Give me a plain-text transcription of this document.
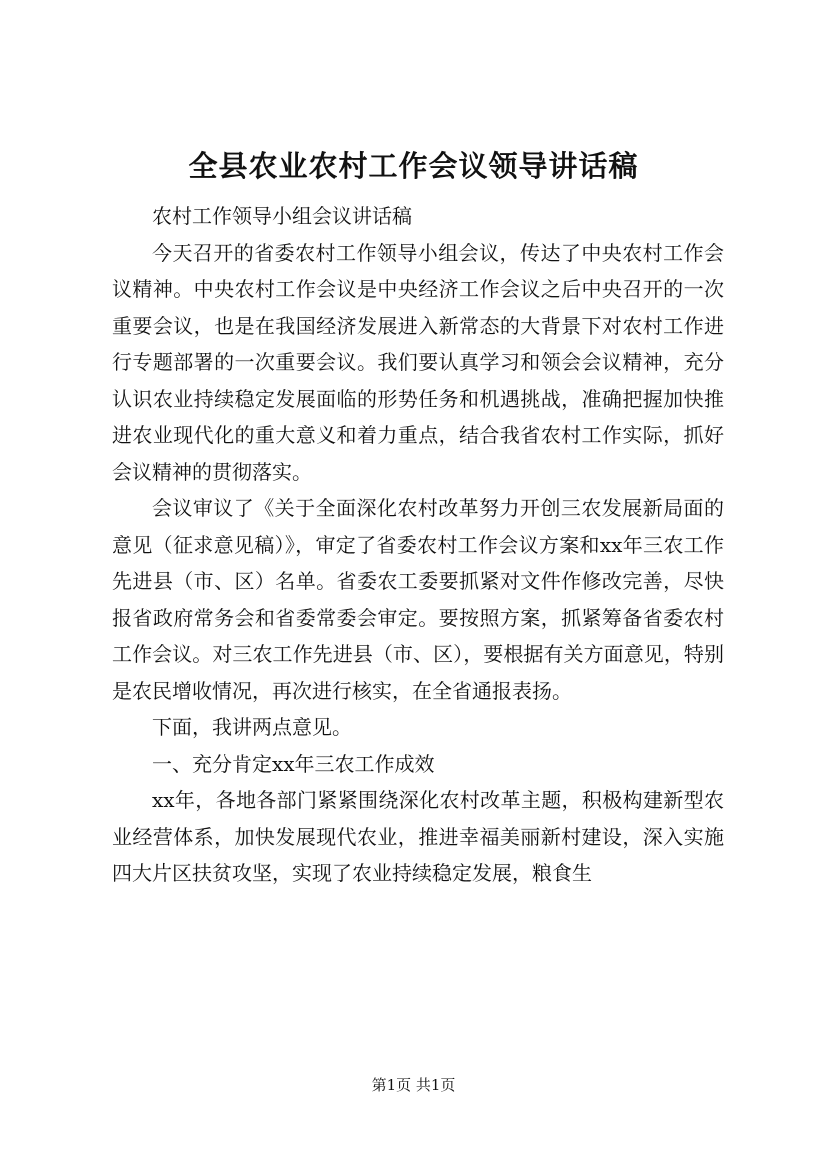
全县农业农村工作会议领导讲话稿

农村工作领导小组会议讲话稿

今天召开的省委农村工作领导小组会议，传达了中央农村工作会议精神。中央农村工作会议是中央经济工作会议之后中央召开的一次重要会议，也是在我国经济发展进入新常态的大背景下对农村工作进行专题部署的一次重要会议。我们要认真学习和领会会议精神，充分认识农业持续稳定发展面临的形势任务和机遇挑战，准确把握加快推进农业现代化的重大意义和着力重点，结合我省农村工作实际，抓好会议精神的贯彻落实。

会议审议了《关于全面深化农村改革努力开创三农发展新局面的意见（征求意见稿）》，审定了省委农村工作会议方案和xx年三农工作先进县（市、区）名单。省委农工委要抓紧对文件作修改完善，尽快报省政府常务会和省委常委会审定。要按照方案，抓紧筹备省委农村工作会议。对三农工作先进县（市、区），要根据有关方面意见，特别是农民增收情况，再次进行核实，在全省通报表扬。

下面，我讲两点意见。

一、充分肯定xx年三农工作成效

xx年，各地各部门紧紧围绕深化农村改革主题，积极构建新型农业经营体系，加快发展现代农业，推进幸福美丽新村建设，深入实施四大片区扶贫攻坚，实现了农业持续稳定发展，粮食生

第1页 共1页
